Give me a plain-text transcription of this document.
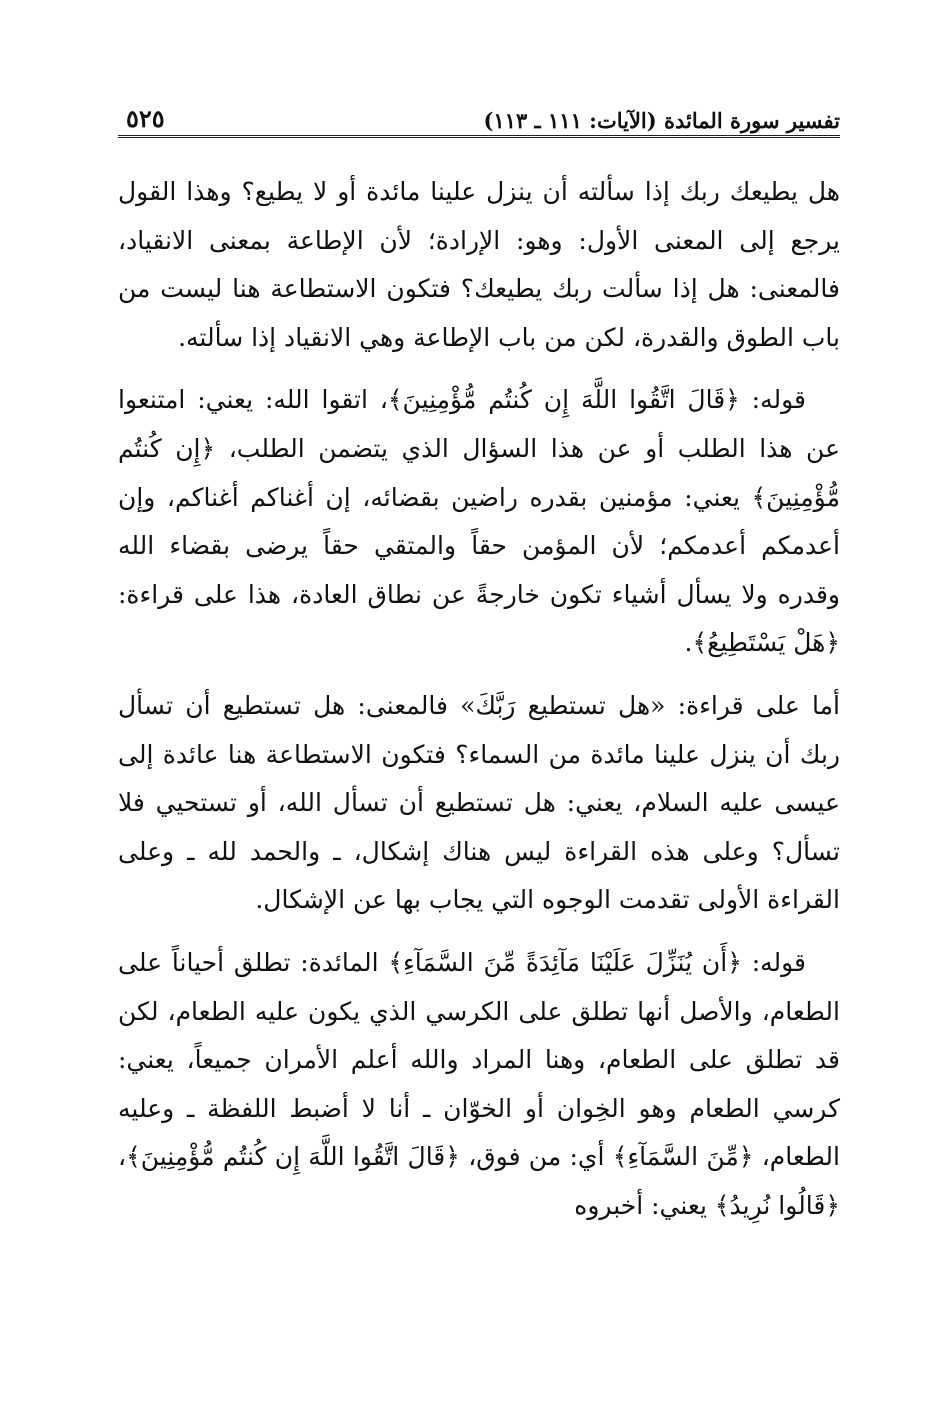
تفسير سورة المائدة (الآيات: ١١١ ـ ١١٣)
٥٢٥

هل يطيعك ربك إذا سألته أن ينزل علينا مائدة أو لا يطيع؟ وهذا القول يرجع إلى المعنى الأول: وهو: الإرادة؛ لأن الإطاعة بمعنى الانقياد، فالمعنى: هل إذا سألت ربك يطيعك؟ فتكون الاستطاعة هنا ليست من باب الطوق والقدرة، لكن من باب الإطاعة وهي الانقياد إذا سألته.

قوله: ﴿قَالَ اتَّقُوا اللَّهَ إِن كُنتُم مُّؤْمِنِينَ﴾، اتقوا الله: يعني: امتنعوا عن هذا الطلب أو عن هذا السؤال الذي يتضمن الطلب، ﴿إِن كُنتُم مُّؤْمِنِينَ﴾ يعني: مؤمنين بقدره راضين بقضائه، إن أغناكم أغناكم، وإن أعدمكم أعدمكم؛ لأن المؤمن حقاً والمتقي حقاً يرضى بقضاء الله وقدره ولا يسأل أشياء تكون خارجةً عن نطاق العادة، هذا على قراءة: ﴿هَلْ يَسْتَطِيعُ﴾.

أما على قراءة: «هل تستطيع رَبَّكَ» فالمعنى: هل تستطيع أن تسأل ربك أن ينزل علينا مائدة من السماء؟ فتكون الاستطاعة هنا عائدة إلى عيسى عليه السلام، يعني: هل تستطيع أن تسأل الله، أو تستحيي فلا تسأل؟ وعلى هذه القراءة ليس هناك إشكال، ـ والحمد لله ـ وعلى القراءة الأولى تقدمت الوجوه التي يجاب بها عن الإشكال.

قوله: ﴿أَن يُنَزِّلَ عَلَيْنَا مَآئِدَةً مِّنَ السَّمَآءِ﴾ المائدة: تطلق أحياناً على الطعام، والأصل أنها تطلق على الكرسي الذي يكون عليه الطعام، لكن قد تطلق على الطعام، وهنا المراد والله أعلم الأمران جميعاً، يعني: كرسي الطعام وهو الخِوان أو الخوّان ـ أنا لا أضبط اللفظة ـ وعليه الطعام، ﴿مِّنَ السَّمَآءِ﴾ أي: من فوق، ﴿قَالَ اتَّقُوا اللَّهَ إِن كُنتُم مُّؤْمِنِينَ﴾، ﴿قَالُوا نُرِيدُ﴾ يعني: أخبروه
